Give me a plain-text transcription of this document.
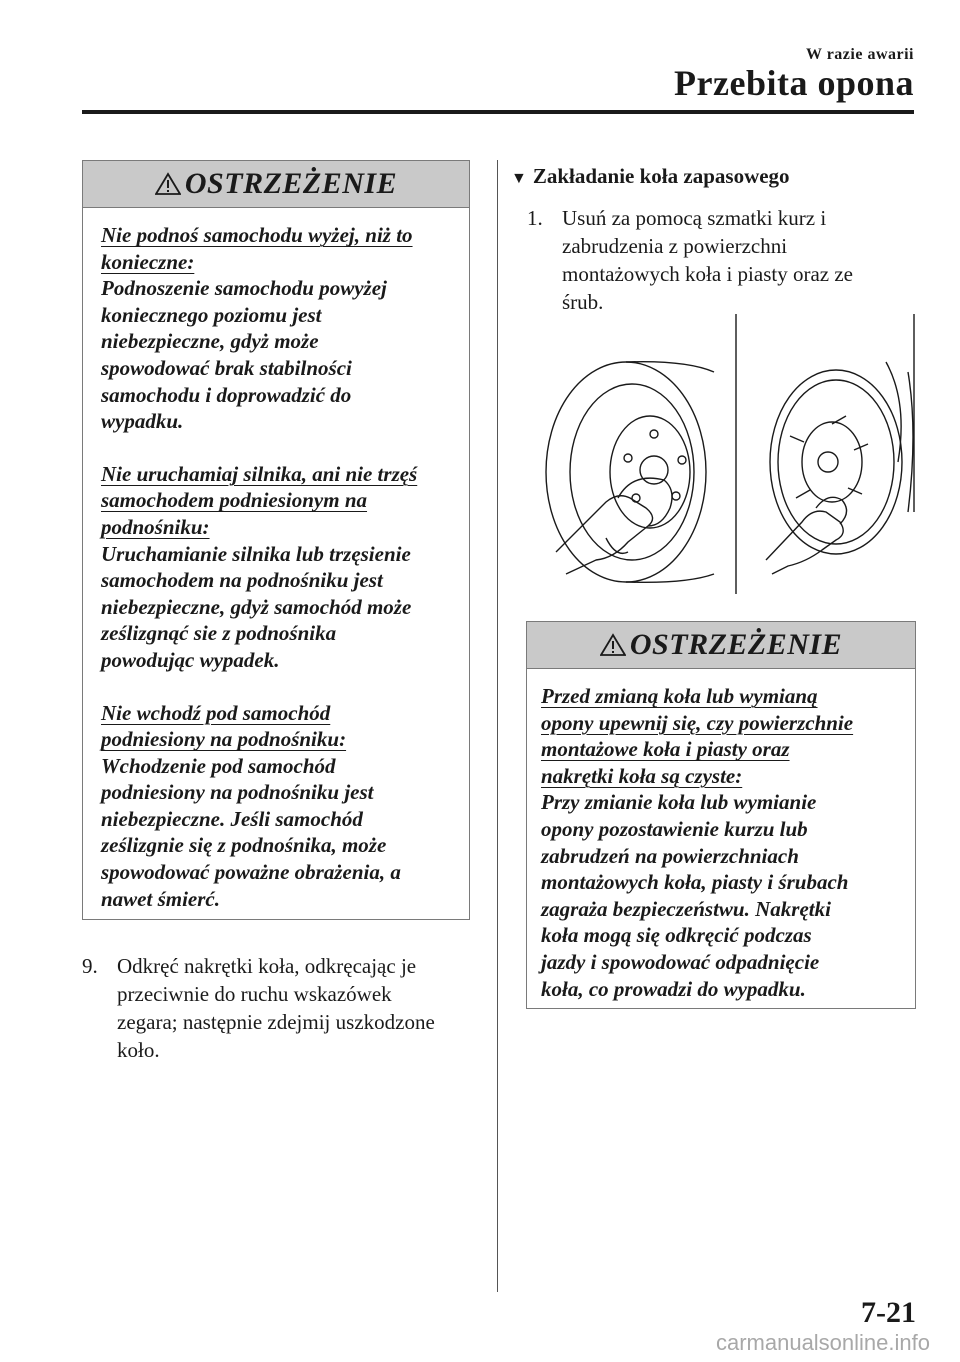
W razie awarii
Przebita opona
OSTRZEŻENIE

Nie podnoś samochodu wyżej, niż to

konieczne:

Podnoszenie samochodu powyżej

koniecznego poziomu jest

niebezpieczne, gdyż może

spowodować brak stabilności

samochodu i doprowadzić do

wypadku.

Nie uruchamiaj silnika, ani nie trzęś

samochodem podniesionym na

podnośniku:

Uruchamianie silnika lub trzęsienie

samochodem na podnośniku jest

niebezpieczne, gdyż samochód może

ześlizgnąć sie z podnośnika

powodując wypadek.

Nie wchodź pod samochód

podniesiony na podnośniku:

Wchodzenie pod samochód

podniesiony na podnośniku jest

niebezpieczne. Jeśli samochód

ześlizgnie się z podnośnika, może

spowodować poważne obrażenia, a

nawet śmierć.

9. Odkręć nakrętki koła, odkręcając je
przeciwnie do ruchu wskazówek
zegara; następnie zdejmij uszkodzone
koło.
▼ Zakładanie koła zapasowego
1. Usuń za pomocą szmatki kurz i
zabrudzenia z powierzchni
montażowych koła i piasty oraz ze
śrub.
OSTRZEŻENIE

Przed zmianą koła lub wymianą

opony upewnij się, czy powierzchnie

montażowe koła i piasty oraz

nakrętki koła są czyste:

Przy zmianie koła lub wymianie

opony pozostawienie kurzu lub

zabrudzeń na powierzchniach

montażowych koła, piasty i śrubach

zagraża bezpieczeństwu. Nakrętki

koła mogą się odkręcić podczas

jazdy i spowodować odpadnięcie

koła, co prowadzi do wypadku.

7-21
carmanualsonline.info
